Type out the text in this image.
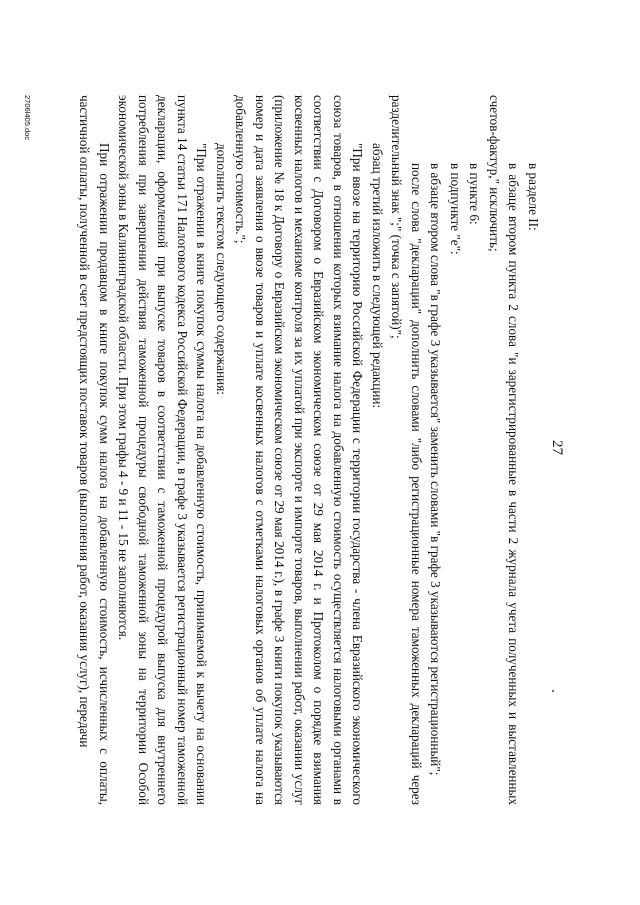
27

в разделе II:

в абзаце втором пункта 2 слова "и зарегистрированные в части 2 журнала учета полученных и выставленных счетов-фактур," исключить;

в пункте 6:

в подпункте "е":

в абзаце втором слова "в графе 3 указывается" заменить словами "в графе 3 указываются регистрационный";

после слова "декларации" дополнить словами "либо регистрационные номера таможенных деклараций через разделительный знак ";" (точка с запятой)";

абзац третий изложить в следующей редакции:

"При ввозе на территорию Российской Федерации с территории государства - члена Евразийского экономического союза товаров, в отношении которых взимание налога на добавленную стоимость осуществляется налоговыми органами в соответствии с Договором о Евразийском экономическом союзе от 29 мая 2014 г. и Протоколом о порядке взимания косвенных налогов и механизме контроля за их уплатой при экспорте и импорте товаров, выполнении работ, оказании услуг (приложение № 18 к Договору о Евразийском экономическом союзе от 29 мая 2014 г.), в графе 3 книги покупок указываются номер и дата заявления о ввозе товаров и уплате косвенных налогов с отметками налоговых органов об уплате налога на добавленную стоимость.";

дополнить текстом следующего содержания:

"При отражении в книге покупок суммы налога на добавленную стоимость, принимаемой к вычету на основании пункта 14 статьи 171 Налогового кодекса Российской Федерации, в графе 3 указывается регистрационный номер таможенной декларации, оформленной при выпуске товаров в соответствии с таможенной процедурой выпуска для внутреннего потребления при завершении действия таможенной процедуры свободной таможенной зоны на территории Особой экономической зоны в Калининградской области. При этом графы 4 - 9 и 11 - 15 не заполняются.

При отражении продавцом в книге покупок сумм налога на добавленную стоимость, исчисленных с оплаты, частичной оплаты, полученной в счет предстоящих поставок товаров (выполнения работ, оказания услуг), передачи

2706l405.doc
